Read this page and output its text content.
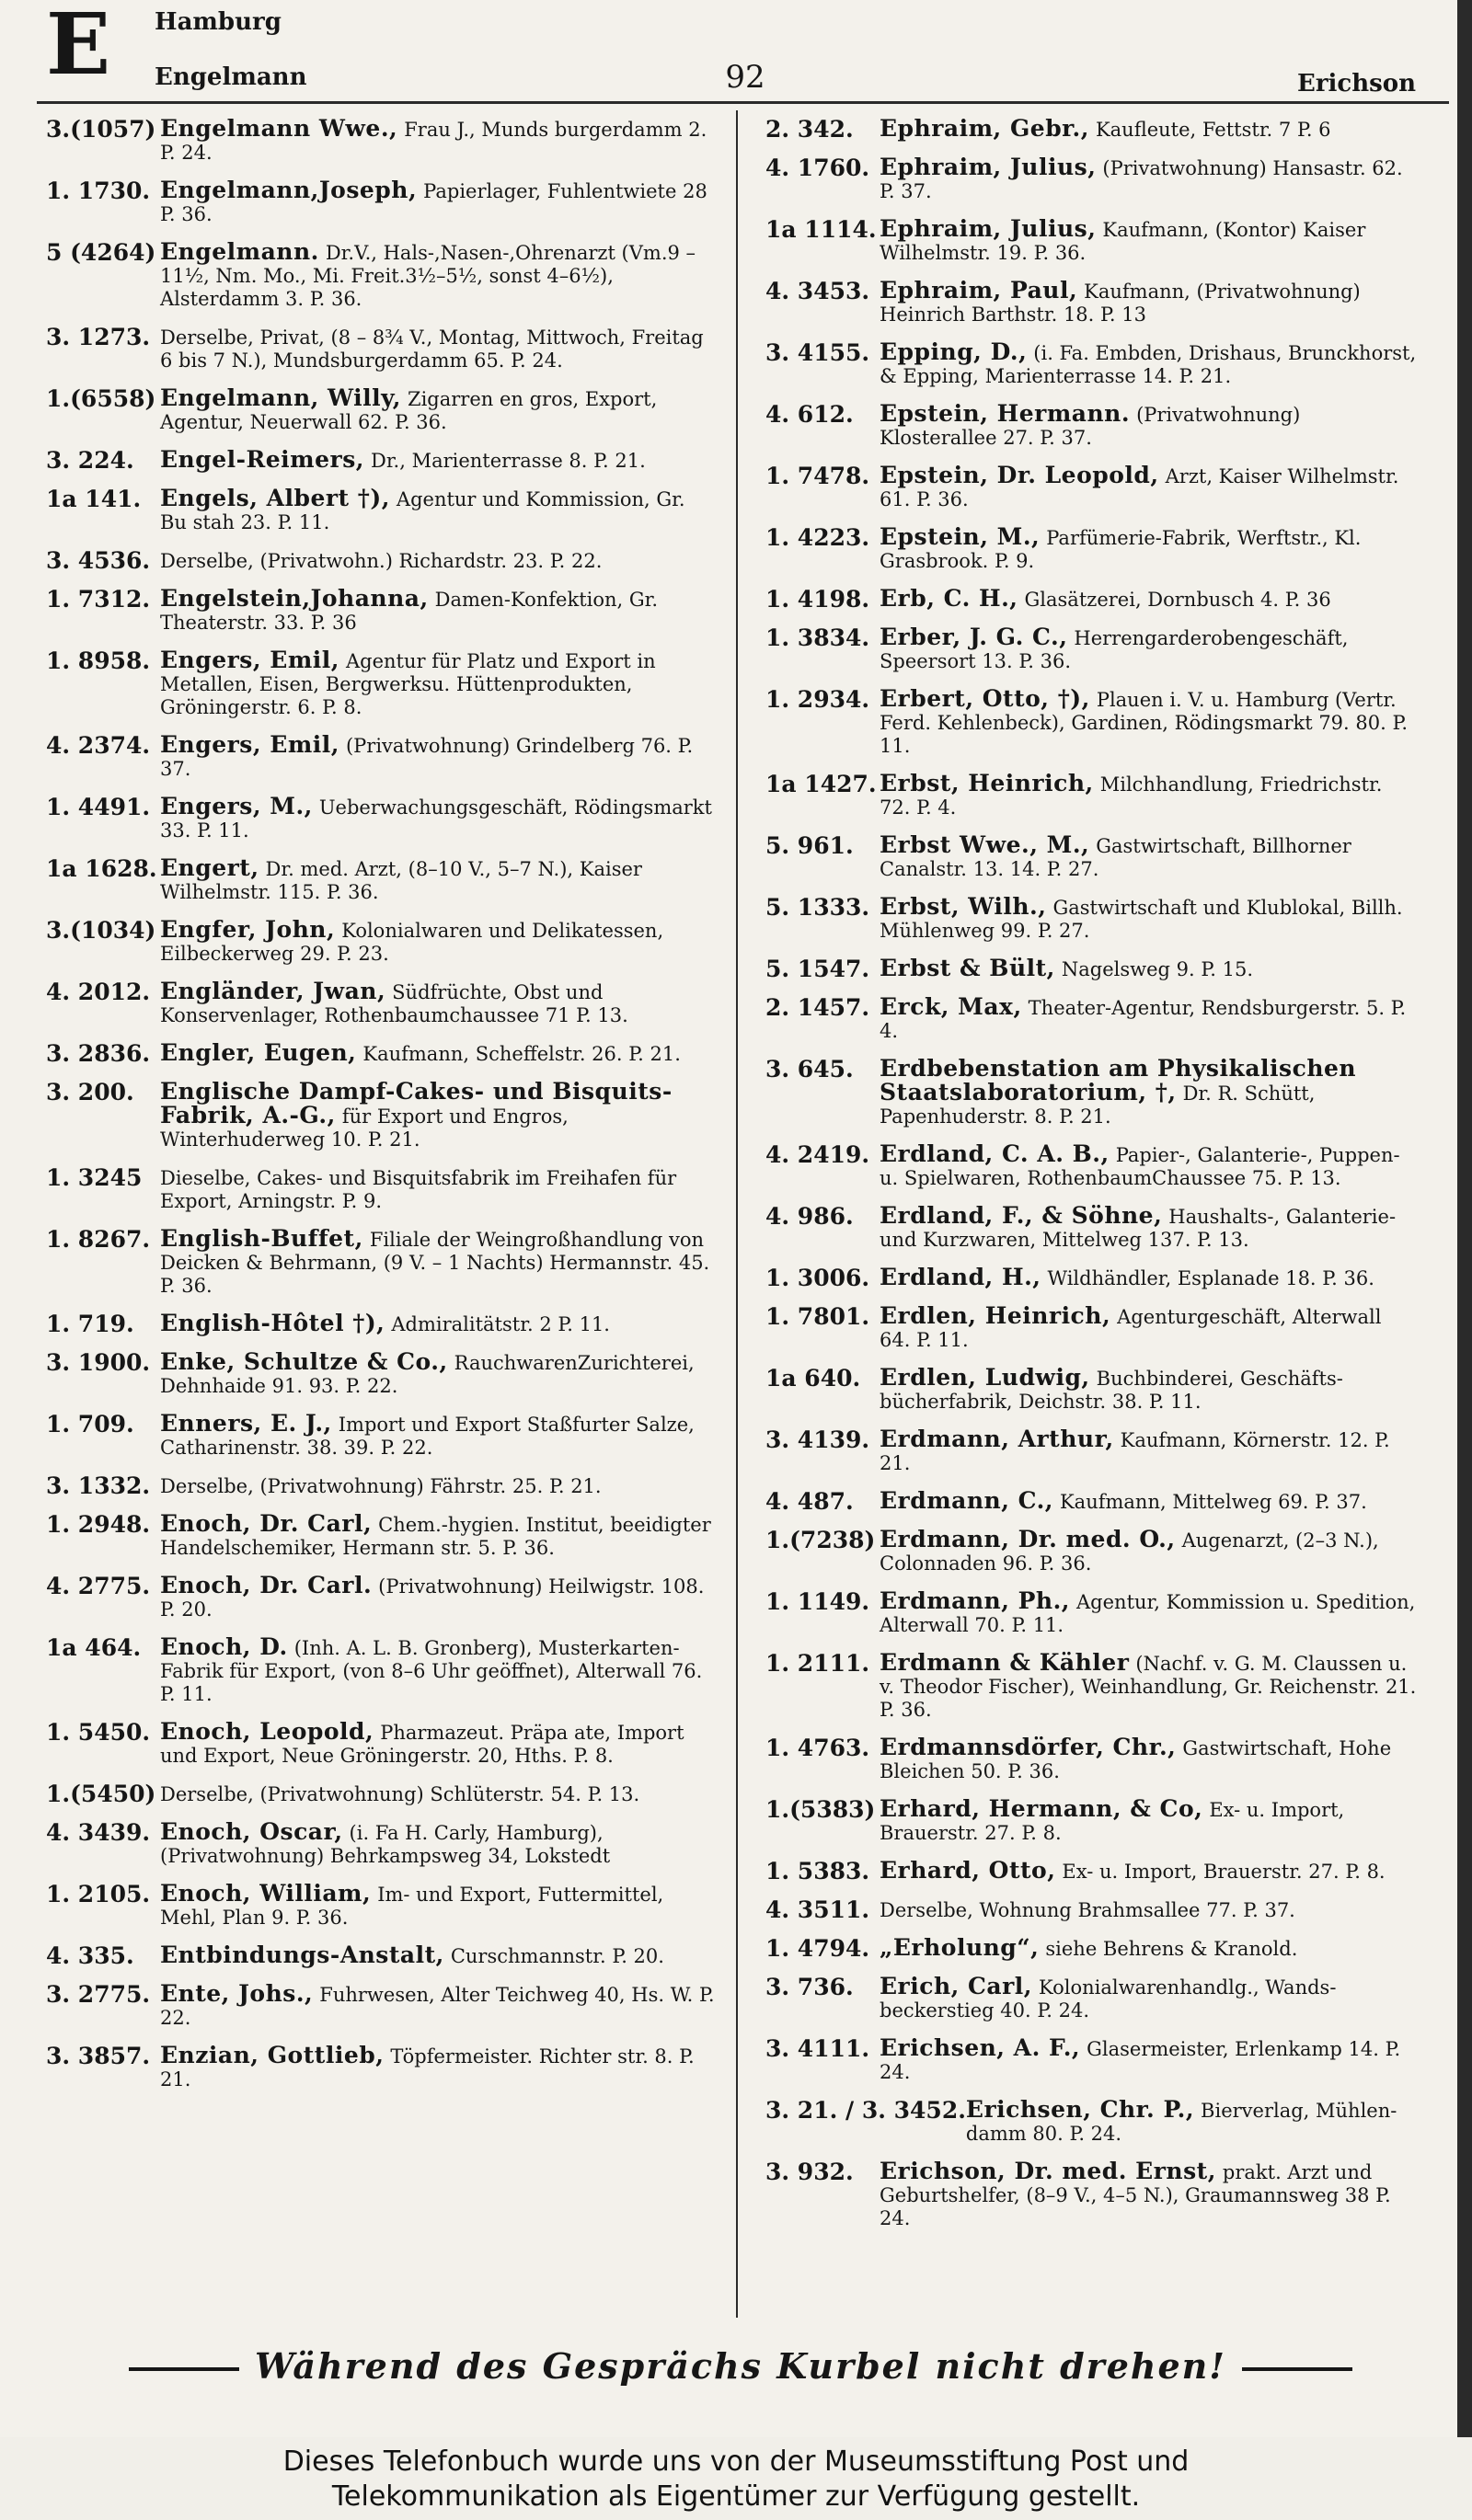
E Hamburg
Engelmann	92	Erichson
3.(1057) Engelmann Wwe., Frau J., Munds burgerdamm 2. P. 24.
1. 1730. Engelmann,Joseph, Papierlager, Fuhlentwiete 28 P. 36.
5 (4264) Engelmann. Dr.V., Hals-,Nasen-,Ohrenarzt (Vm.9 –11½, Nm. Mo., Mi. Freit.3½–5½, sonst 4–6½), Alsterdamm 3. P. 36.
3. 1273. Derselbe, Privat, (8 – 8¾ V., Montag, Mittwoch, Freitag 6 bis 7 N.), Mundsburgerdamm 65. P. 24.
1.(6558) Engelmann, Willy, Zigarren en gros, Export, Agentur, Neuerwall 62. P. 36.
3. 224.	Engel-Reimers, Dr., Marienterrasse 8. P. 21.
1a 141. Engels, Albert †), Agentur und Kommission, Gr. Bu stah 23. P. 11.
3. 4536. Derselbe, (Privatwohn.) Richardstr. 23. P. 22.
1. 7312. Engelstein,Johanna, Damen-Konfektion, Gr. Theaterstr. 33. P. 36
1. 8958. Engers, Emil, Agentur für Platz und Export in Metallen, Eisen, Bergwerksu. Hüttenprodukten, Gröningerstr. 6. P. 8.
4. 2374. Engers, Emil, (Privatwohnung) Grindelberg 76. P. 37.
1. 4491. Engers, M., Ueberwachungsgeschäft, Rödingsmarkt 33. P. 11.
1a 1628. Engert, Dr. med. Arzt, (8–10 V., 5–7 N.), Kaiser Wilhelmstr. 115. P. 36.
3.(1034) Engfer, John, Kolonialwaren und Delikatessen, Eilbeckerweg 29. P. 23.
4. 2012. Engländer, Jwan, Südfrüchte, Obst und Konservenlager, Rothenbaumchaussee 71 P. 13.
3. 2836. Engler, Eugen, Kaufmann, Scheffelstr. 26. P. 21.
3. 200.	Englische Dampf-Cakes- und Bisquits-Fabrik, A.-G., für Export und Engros, Winterhuderweg 10. P. 21.
1. 3245 Dieselbe, Cakes- und Bisquitsfabrik im Freihafen für Export, Arningstr. P. 9.
1. 8267. English-Buffet, Filiale der Weingroßhandlung von Deicken & Behrmann, (9 V. – 1 Nachts) Hermannstr. 45. P. 36.
1. 719.	English-Hôtel †), Admiralitätstr. 2 P. 11.
3. 1900. Enke, Schultze & Co., RauchwarenZurichterei, Dehnhaide 91. 93. P. 22.
1. 709.	Enners, E. J., Import und Export Staßfurter Salze, Catharinenstr. 38. 39. P. 22.
3. 1332. Derselbe, (Privatwohnung) Fährstr. 25. P. 21.
1. 2948. Enoch, Dr. Carl, Chem.-hygien. Institut, beeidigter Handelschemiker, Hermann str. 5. P. 36.
4. 2775. Enoch, Dr. Carl. (Privatwohnung) Heilwigstr. 108. P. 20.
1a 464. Enoch, D. (Inh. A. L. B. Gronberg), Musterkarten-Fabrik für Export, (von 8–6 Uhr geöffnet), Alterwall 76. P. 11.
1. 5450. Enoch, Leopold, Pharmazeut. Präpa ate, Import und Export, Neue Gröningerstr. 20, Hths. P. 8.
1.(5450) Derselbe, (Privatwohnung) Schlüterstr. 54. P. 13.
4. 3439. Enoch, Oscar, (i. Fa H. Carly, Hamburg), (Privatwohnung) Behrkampsweg 34, Lokstedt
1. 2105. Enoch, William, Im- und Export, Futtermittel, Mehl, Plan 9. P. 36.
4. 335.	Entbindungs-Anstalt, Curschmannstr. P. 20.
3. 2775. Ente, Johs., Fuhrwesen, Alter Teichweg 40, Hs. W. P. 22.
3. 3857. Enzian, Gottlieb, Töpfermeister. Richter str. 8. P. 21.
2. 342.	Ephraim, Gebr., Kaufleute, Fettstr. 7 P. 6
4. 1760. Ephraim, Julius, (Privatwohnung) Hansastr. 62. P. 37.
1a 1114. Ephraim, Julius, Kaufmann, (Kontor) Kaiser Wilhelmstr. 19. P. 36.
4. 3453. Ephraim, Paul, Kaufmann, (Privatwohnung) Heinrich Barthstr. 18. P. 13
3. 4155. Epping, D., (i. Fa. Embden, Drishaus, Brunckhorst, & Epping, Marienterrasse 14. P. 21.
4. 612.	Epstein, Hermann. (Privatwohnung) Klosterallee 27. P. 37.
1. 7478. Epstein, Dr. Leopold, Arzt, Kaiser Wilhelmstr. 61. P. 36.
1. 4223. Epstein, M., Parfümerie-Fabrik, Werftstr., Kl. Grasbrook. P. 9.
1. 4198. Erb, C. H., Glasätzerei, Dornbusch 4. P. 36
1. 3834. Erber, J. G. C., Herrengarderobengeschäft, Speersort 13. P. 36.
1. 2934. Erbert, Otto, †), Plauen i. V. u. Hamburg (Vertr. Ferd. Kehlenbeck), Gardinen, Rödingsmarkt 79. 80. P. 11.
1a 1427. Erbst, Heinrich, Milchhandlung, Friedrichstr. 72. P. 4.
5. 961.	Erbst Wwe., M., Gastwirtschaft, Billhorner Canalstr. 13. 14. P. 27.
5. 1333. Erbst, Wilh., Gastwirtschaft und Klublokal, Billh. Mühlenweg 99. P. 27.
5. 1547. Erbst & Bült, Nagelsweg 9. P. 15.
2. 1457. Erck, Max, Theater-Agentur, Rendsburgerstr. 5. P. 4.
3. 645.	Erdbebenstation am Physikalischen Staatslaboratorium, †, Dr. R. Schütt, Papenhuderstr. 8. P. 21.
4. 2419. Erdland, C. A. B., Papier-, Galanterie-, Puppen- u. Spielwaren, RothenbaumChaussee 75. P. 13.
4. 986.	Erdland, F., & Söhne, Haushalts-, Galanterie- und Kurzwaren, Mittelweg 137. P. 13.
1. 3006. Erdland, H., Wildhändler, Esplanade 18. P. 36.
1. 7801. Erdlen, Heinrich, Agenturgeschäft, Alterwall 64. P. 11.
1a 640. Erdlen, Ludwig, Buchbinderei, Geschäftsbücherfabrik, Deichstr. 38. P. 11.
3. 4139. Erdmann, Arthur, Kaufmann, Körnerstr. 12. P. 21.
4. 487.	Erdmann, C., Kaufmann, Mittelweg 69. P. 37.
1.(7238) Erdmann, Dr. med. O., Augenarzt, (2–3 N.), Colonnaden 96. P. 36.
1. 1149. Erdmann, Ph., Agentur, Kommission u. Spedition, Alterwall 70. P. 11.
1. 2111. Erdmann & Kähler (Nachf. v. G. M. Claussen u. v. Theodor Fischer), Weinhandlung, Gr. Reichenstr. 21. P. 36.
1. 4763. Erdmannsdörfer, Chr., Gastwirtschaft, Hohe Bleichen 50. P. 36.
1.(5383) Erhard, Hermann, & Co, Ex- u. Import, Brauerstr. 27. P. 8.
1. 5383. Erhard, Otto, Ex- u. Import, Brauerstr. 27. P. 8.
4. 3511. Derselbe, Wohnung Brahmsallee 77. P. 37.
1. 4794. „Erholung“, siehe Behrens & Kranold.
3. 736.	Erich, Carl, Kolonialwarenhandlg., Wandsbeckerstieg 40. P. 24.
3. 4111. Erichsen, A. F., Glasermeister, Erlenkamp 14. P. 24.
3. 21. / 3. 3452. Erichsen, Chr. P., Bierverlag, Mühlendamm 80. P. 24.
3. 932.	Erichson, Dr. med. Ernst, prakt. Arzt und Geburtshelfer, (8–9 V., 4–5 N.), Graumannsweg 38 P. 24.
Während des Gesprächs Kurbel nicht drehen!
Dieses Telefonbuch wurde uns von der Museumsstiftung Post und
Telekommunikation als Eigentümer zur Verfügung gestellt.
